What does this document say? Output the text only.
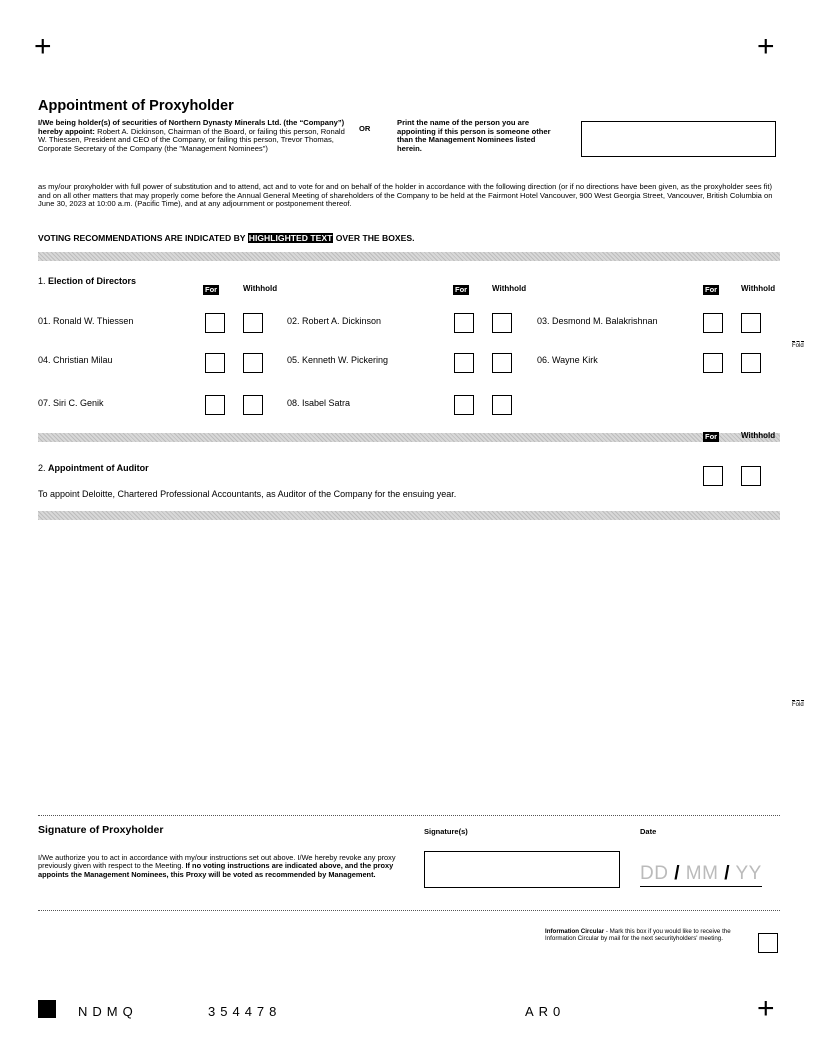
+	+
Appointment of Proxyholder
I/We being holder(s) of securities of Northern Dynasty Minerals Ltd. (the “Company”) hereby appoint: Robert A. Dickinson, Chairman of the Board, or failing this person, Ronald W. Thiessen, President and CEO of the Company, or failing this person, Trevor Thomas, Corporate Secretary of the Company (the "Management Nominees")
OR
Print the name of the person you are appointing if this person is someone other than the Management Nominees listed herein.
as my/our proxyholder with full power of substitution and to attend, act and to vote for and on behalf of the holder in accordance with the following direction (or if no directions have been given, as the proxyholder sees fit) and on all other matters that may properly come before the Annual General Meeting of shareholders of the Company to be held at the Fairmont Hotel Vancouver, 900 West Georgia Street, Vancouver, British Columbia on June 30, 2023 at 10:00 a.m. (Pacific Time), and at any adjournment or postponement thereof.
VOTING RECOMMENDATIONS ARE INDICATED BY HIGHLIGHTED TEXT OVER THE BOXES.
1. Election of Directors
For	Withhold	For	Withhold	For	Withhold
01. Ronald W. Thiessen	02. Robert A. Dickinson	03. Desmond M. Balakrishnan
04. Christian Milau	05. Kenneth W. Pickering	06. Wayne Kirk
Fold
07. Siri C. Genik	08. Isabel Satra
For	Withhold
2. Appointment of Auditor
To appoint Deloitte, Chartered Professional Accountants, as Auditor of the Company for the ensuing year.
Fold
Signature of Proxyholder	Signature(s)	Date
I/We authorize you to act in accordance with my/our instructions set out above. I/We hereby revoke any proxy previously given with respect to the Meeting. If no voting instructions are indicated above, and the proxy appoints the Management Nominees, this Proxy will be voted as recommended by Management.	DD / MM / YY
Information Circular - Mark this box if you would like to receive the Information Circular by mail for the next securityholders' meeting.
NDMQ	354478	AR0	+
